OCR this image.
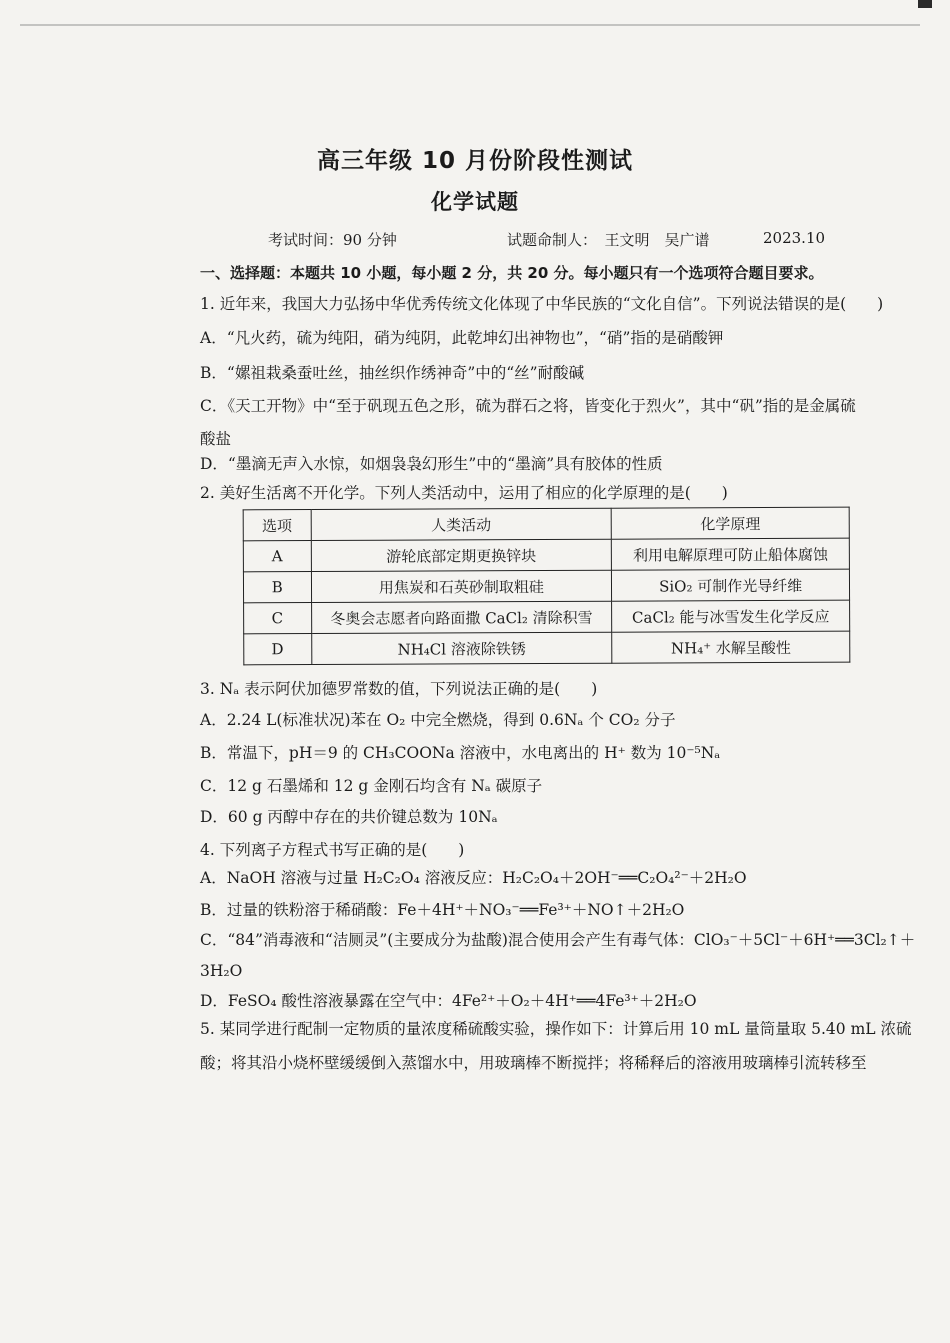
高三年级 10 月份阶段性测试
化学试题
考试时间：90 分钟	试题命制人：　王文明　吴广谱	2023.10
一、选择题：本题共 10 小题，每小题 2 分，共 20 分。每小题只有一个选项符合题目要求。
1. 近年来，我国大力弘扬中华优秀传统文化体现了中华民族的“文化自信”。下列说法错误的是(　　)
A．“凡火药，硫为纯阳，硝为纯阴，此乾坤幻出神物也”，“硝”指的是硝酸钾
B．“嫘祖栽桑蚕吐丝，抽丝织作绣神奇”中的“丝”耐酸碱
C．《天工开物》中“至于矾现五色之形，硫为群石之将，皆变化于烈火”，其中“矾”指的是金属硫
酸盐
D．“墨滴无声入水惊，如烟袅袅幻形生”中的“墨滴”具有胶体的性质
2. 美好生活离不开化学。下列人类活动中，运用了相应的化学原理的是(　　)
选项	人类活动	化学原理
A	游轮底部定期更换锌块	利用电解原理可防止船体腐蚀
B	用焦炭和石英砂制取粗硅	SiO₂ 可制作光导纤维
C	冬奥会志愿者向路面撒 CaCl₂ 清除积雪	CaCl₂ 能与冰雪发生化学反应
D	NH₄Cl 溶液除铁锈	NH₄⁺ 水解呈酸性
3. Nₐ 表示阿伏加德罗常数的值，下列说法正确的是(　　)
A．2.24 L(标准状况)苯在 O₂ 中完全燃烧，得到 0.6Nₐ 个 CO₂ 分子
B．常温下，pH＝9 的 CH₃COONa 溶液中，水电离出的 H⁺ 数为 10⁻⁵Nₐ
C．12 g 石墨烯和 12 g 金刚石均含有 Nₐ 碳原子
D．60 g 丙醇中存在的共价键总数为 10Nₐ
4. 下列离子方程式书写正确的是(　　)
A．NaOH 溶液与过量 H₂C₂O₄ 溶液反应：H₂C₂O₄＋2OH⁻══C₂O₄²⁻＋2H₂O
B．过量的铁粉溶于稀硝酸：Fe＋4H⁺＋NO₃⁻══Fe³⁺＋NO↑＋2H₂O
C．“84”消毒液和“洁厕灵”(主要成分为盐酸)混合使用会产生有毒气体：ClO₃⁻＋5Cl⁻＋6H⁺══3Cl₂↑＋
3H₂O
D．FeSO₄ 酸性溶液暴露在空气中：4Fe²⁺＋O₂＋4H⁺══4Fe³⁺＋2H₂O
5. 某同学进行配制一定物质的量浓度稀硫酸实验，操作如下：计算后用 10 mL 量筒量取 5.40 mL 浓硫
酸；将其沿小烧杯壁缓缓倒入蒸馏水中，用玻璃棒不断搅拌；将稀释后的溶液用玻璃棒引流转移至
